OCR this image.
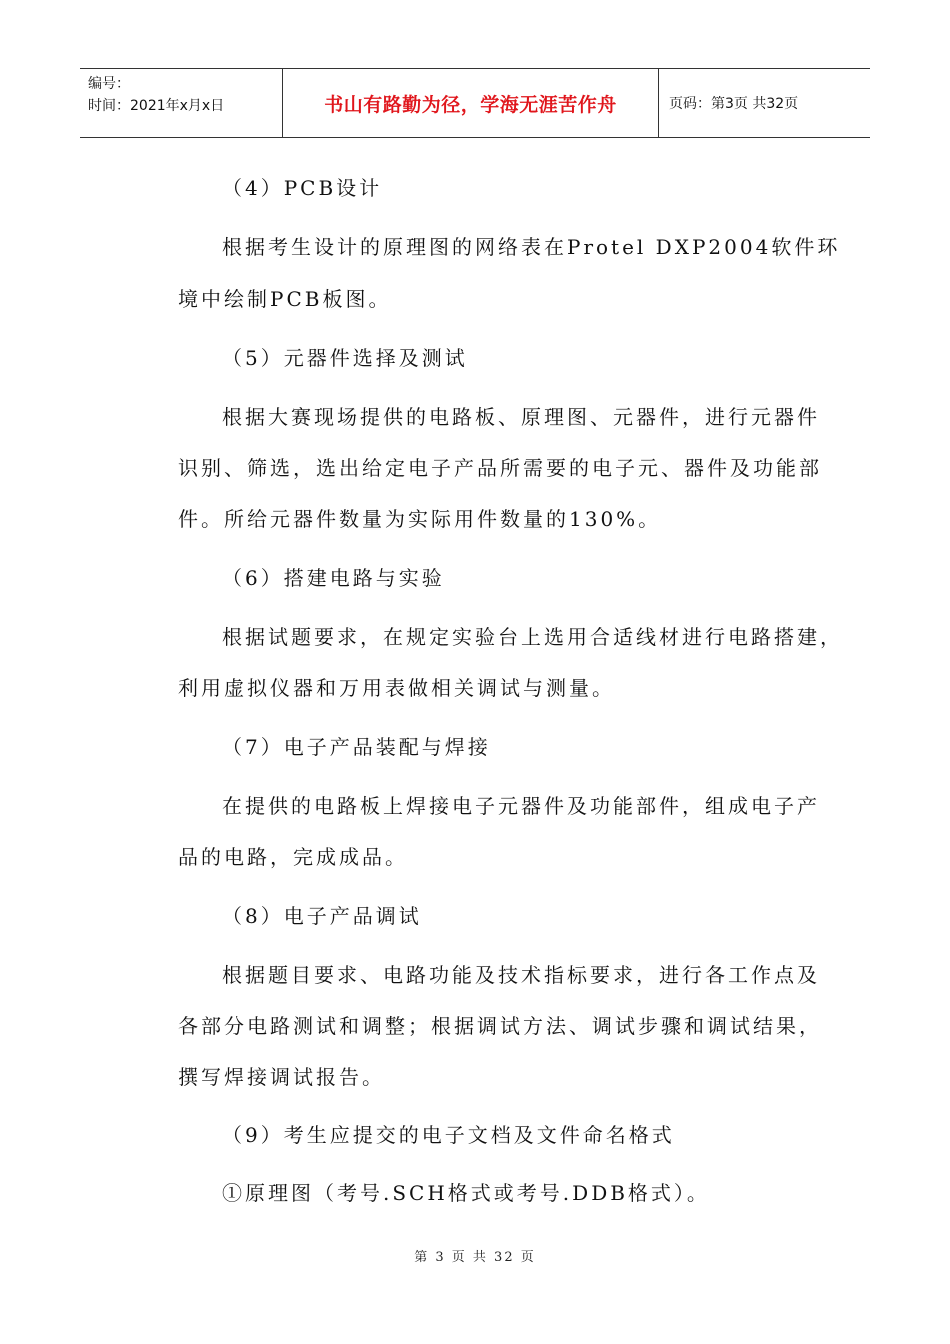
编号：
时间：2021年x月x日	书山有路勤为径，学海无涯苦作舟	页码：第3页 共32页
（4）PCB设计
根据考生设计的原理图的网络表在Protel DXP2004软件环
境中绘制PCB板图。
（5）元器件选择及测试
根据大赛现场提供的电路板、原理图、元器件，进行元器件
识别、筛选，选出给定电子产品所需要的电子元、器件及功能部
件。所给元器件数量为实际用件数量的130%。
（6）搭建电路与实验
根据试题要求，在规定实验台上选用合适线材进行电路搭建，
利用虚拟仪器和万用表做相关调试与测量。
（7）电子产品装配与焊接
在提供的电路板上焊接电子元器件及功能部件，组成电子产
品的电路，完成成品。
（8）电子产品调试
根据题目要求、电路功能及技术指标要求，进行各工作点及
各部分电路测试和调整；根据调试方法、调试步骤和调试结果，
撰写焊接调试报告。
（9）考生应提交的电子文档及文件命名格式
①原理图（考号.SCH格式或考号.DDB格式）。
第 3 页 共 32 页
